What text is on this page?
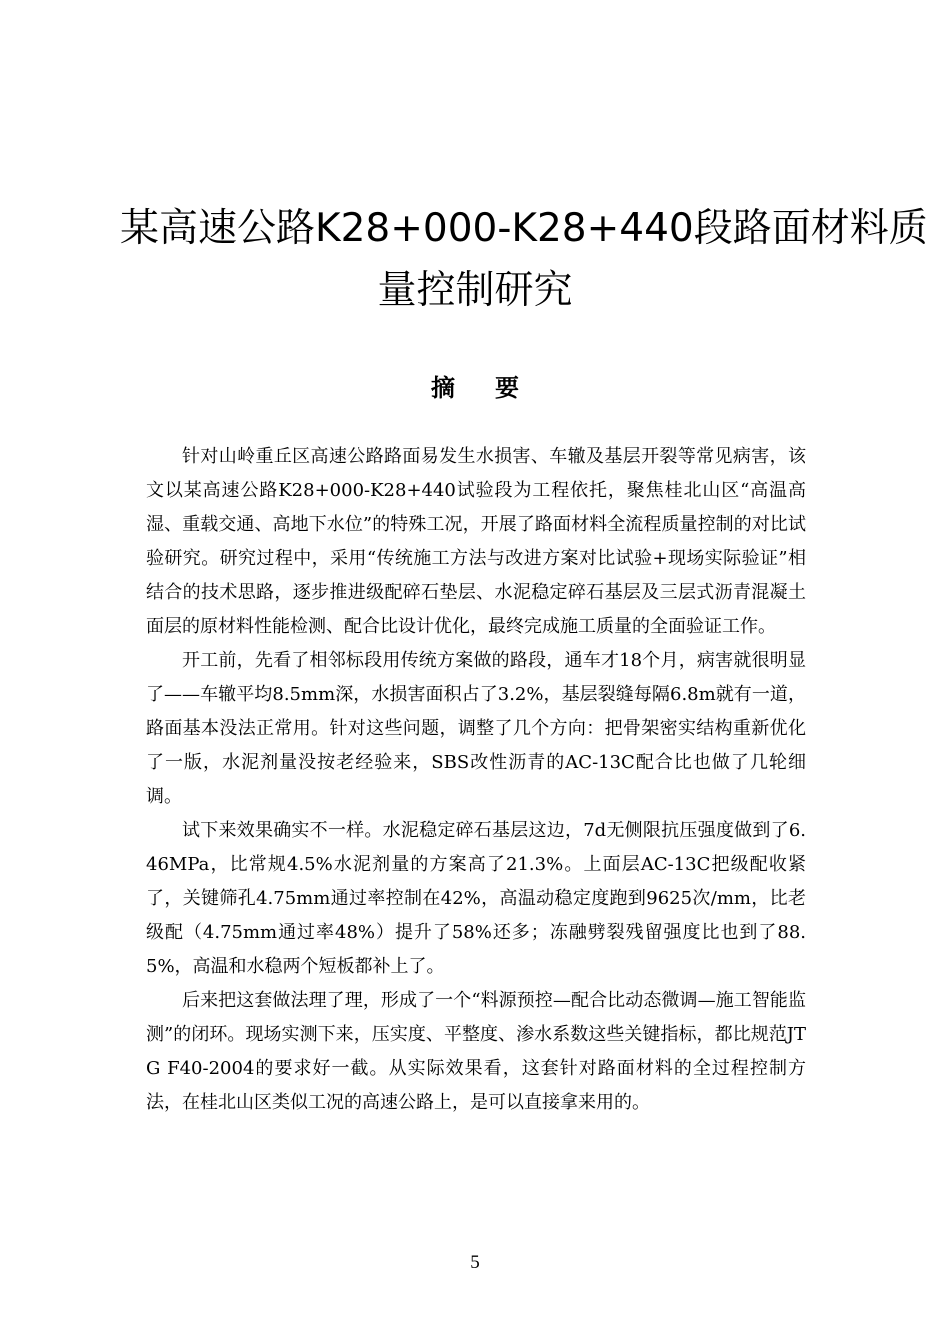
某高速公路K28+000-K28+440段路面材料质
量控制研究
摘要

针对山岭重丘区高速公路路面易发生水损害、车辙及基层开裂等常见病害，该文以某高速公路K28+000-K28+440试验段为工程依托，聚焦桂北山区“高温高湿、重载交通、高地下水位”的特殊工况，开展了路面材料全流程质量控制的对比试验研究。研究过程中，采用“传统施工方法与改进方案对比试验+现场实际验证”相结合的技术思路，逐步推进级配碎石垫层、水泥稳定碎石基层及三层式沥青混凝土面层的原材料性能检测、配合比设计优化，最终完成施工质量的全面验证工作。

开工前，先看了相邻标段用传统方案做的路段，通车才18个月，病害就很明显了——车辙平均8.5mm深，水损害面积占了3.2%，基层裂缝每隔6.8m就有一道，路面基本没法正常用。针对这些问题，调整了几个方向：把骨架密实结构重新优化了一版，水泥剂量没按老经验来，SBS改性沥青的AC-13C配合比也做了几轮细调。

试下来效果确实不一样。水泥稳定碎石基层这边，7d无侧限抗压强度做到了6.46MPa，比常规4.5%水泥剂量的方案高了21.3%。上面层AC-13C把级配收紧了，关键筛孔4.75mm通过率控制在42%，高温动稳定度跑到9625次/mm，比老级配（4.75mm通过率48%）提升了58%还多；冻融劈裂残留强度比也到了88.5%，高温和水稳两个短板都补上了。

后来把这套做法理了理，形成了一个“料源预控—配合比动态微调—施工智能监测”的闭环。现场实测下来，压实度、平整度、渗水系数这些关键指标，都比规范JTG F40-2004的要求好一截。从实际效果看，这套针对路面材料的全过程控制方法，在桂北山区类似工况的高速公路上，是可以直接拿来用的。

5
